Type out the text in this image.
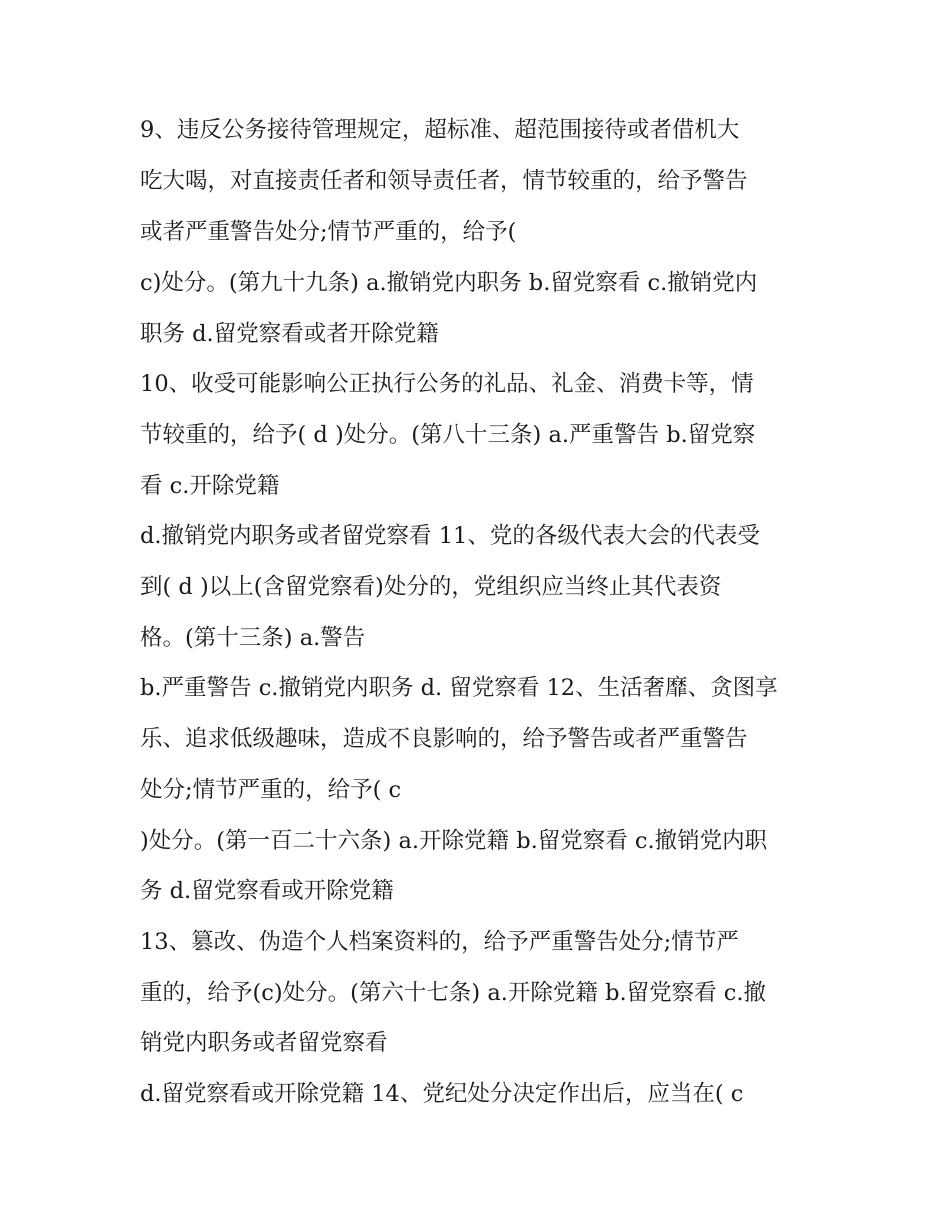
9、违反公务接待管理规定，超标准、超范围接待或者借机大

吃大喝，对直接责任者和领导责任者，情节较重的，给予警告

或者严重警告处分;情节严重的，给予(

c)处分。(第九十九条) a.撤销党内职务 b.留党察看 c.撤销党内

职务 d.留党察看或者开除党籍

10、收受可能影响公正执行公务的礼品、礼金、消费卡等，情

节较重的，给予( d )处分。(第八十三条) a.严重警告 b.留党察

看 c.开除党籍

d.撤销党内职务或者留党察看 11、党的各级代表大会的代表受

到( d )以上(含留党察看)处分的，党组织应当终止其代表资

格。(第十三条) a.警告

b.严重警告 c.撤销党内职务 d. 留党察看 12、生活奢靡、贪图享

乐、追求低级趣味，造成不良影响的，给予警告或者严重警告

处分;情节严重的，给予( c

)处分。(第一百二十六条) a.开除党籍 b.留党察看 c.撤销党内职

务 d.留党察看或开除党籍

13、篡改、伪造个人档案资料的，给予严重警告处分;情节严

重的，给予(c)处分。(第六十七条) a.开除党籍 b.留党察看 c.撤

销党内职务或者留党察看

d.留党察看或开除党籍 14、党纪处分决定作出后，应当在( c
